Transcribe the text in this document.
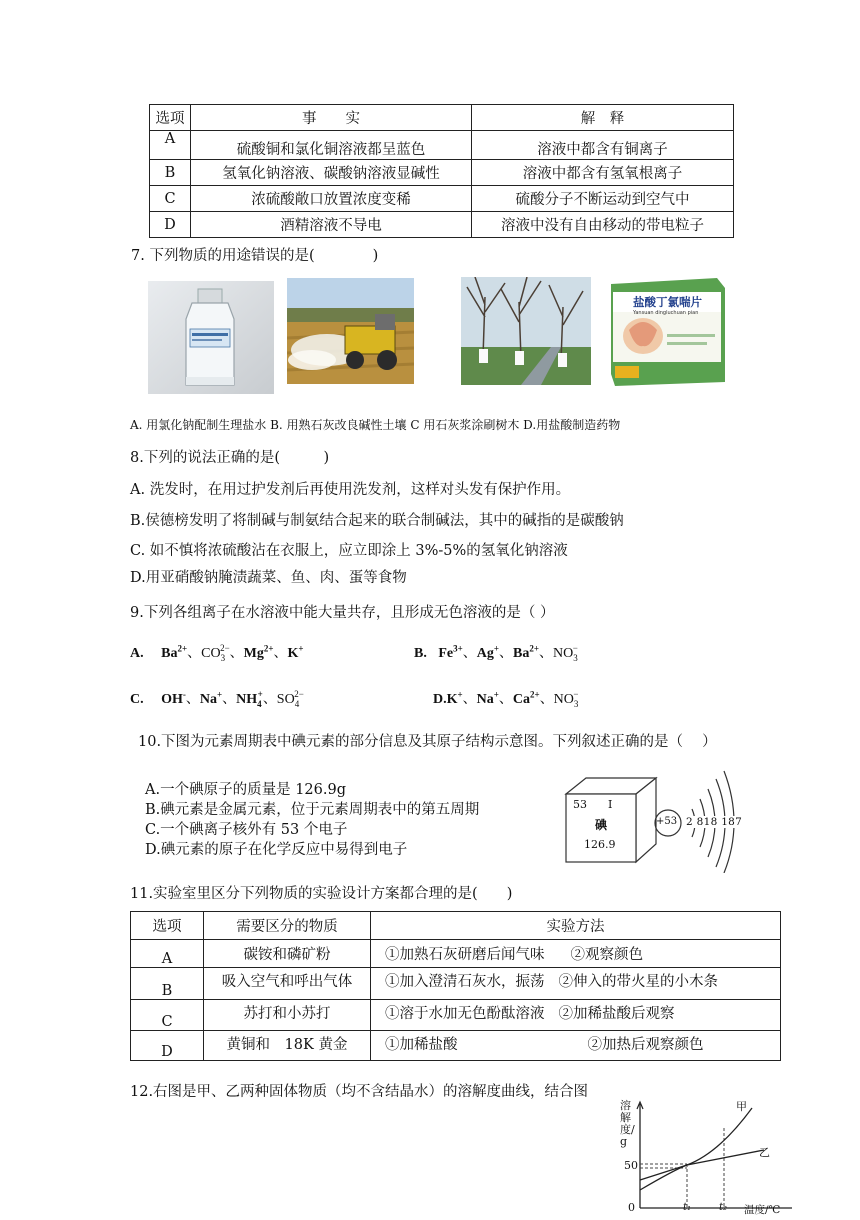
选项	事　　实	解　释
A	硫酸铜和氯化铜溶液都呈蓝色	溶液中都含有铜离子
B	氢氧化钠溶液、碳酸钠溶液显碱性	溶液中都含有氢氧根离子
C	浓硫酸敞口放置浓度变稀	硫酸分子不断运动到空气中
D	酒精溶液不导电	溶液中没有自由移动的带电粒子
7. 下列物质的用途错误的是(　　　　)
盐酸丁氯喘片
Yansuan dingluchuan pian
A. 用氯化钠配制生理盐水 B. 用熟石灰改良碱性土壤 C 用石灰浆涂刷树木 D.用盐酸制造药物
8.下列的说法正确的是(　　　)
A. 洗发时，在用过护发剂后再使用洗发剂，这样对头发有保护作用。
B.侯德榜发明了将制碱与制氨结合起来的联合制碱法，其中的碱指的是碳酸钠
C. 如不慎将浓硫酸沾在衣服上，应立即涂上 3%-5%的氢氧化钠溶液
D.用亚硝酸钠腌渍蔬菜、鱼、肉、蛋等食物
9.下列各组离子在水溶液中能大量共存，且形成无色溶液的是（ ）
A. $Ba^{2+}$、$CO_3^{2-}$、$Mg^{2+}$、K+	B. $Fe^{3+}$、Ag+、$Ba^{2+}$、$NO_3^-$
C. OH-、Na+、$NH_4^+$、$SO_4^{2-}$	D.K+、Na+、$Ca^{2+}$、$NO_3^-$
10.下图为元素周期表中碘元素的部分信息及其原子结构示意图。下列叙述正确的是（　 ）
A.一个碘原子的质量是 126.9g
B.碘元素是金属元素，位于元素周期表中的第五周期
C.一个碘离子核外有 53 个电子
D.碘元素的原子在化学反应中易得到电子
53 I
碘
126.9
+53 2 818 187
11.实验室里区分下列物质的实验设计方案都合理的是(　　)
选项	需要区分的物质	实验方法
A	碳铵和磷矿粉	①加熟石灰研磨后闻气味 ②观察颜色
B	吸入空气和呼出气体	①加入澄清石灰水，振荡 ②伸入的带火星的小木条
C	苏打和小苏打	①溶于水加无色酚酞溶液 ②加稀盐酸后观察
D	黄铜和　18K 黄金	①加稀盐酸 ②加热后观察颜色
12.右图是甲、乙两种固体物质（均不含结晶水）的溶解度曲线，结合图
溶解度/g
50
0	t₁	t₂ 温度/℃
甲
乙
